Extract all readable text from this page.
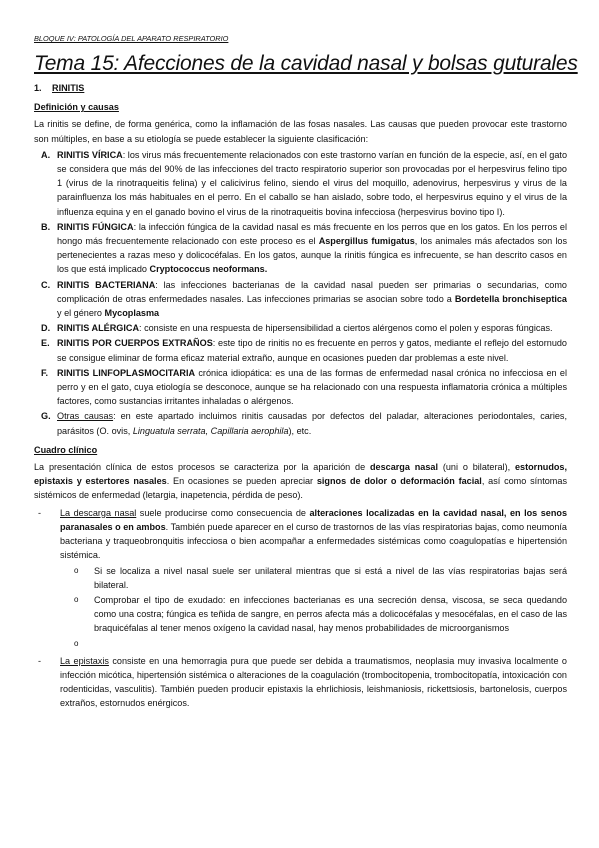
BLOQUE IV: PATOLOGÍA DEL APARATO RESPIRATORIO
Tema 15: Afecciones de la cavidad nasal y bolsas guturales
1.	RINITIS
Definición y causas

La rinitis se define, de forma genérica, como la inflamación de las fosas nasales. Las causas que pueden provocar este trastorno son múltiples, en base a su etiología se puede establecer la siguiente clasificación:

A. RINITIS VÍRICA: los virus más frecuentemente relacionados con este trastorno varían en función de la especie, así, en el gato se considera que más del 90% de las infecciones del tracto respiratorio superior son provocadas por el herpesvirus felino tipo 1 (virus de la rinotraqueitis felina) y el calicivirus felino, siendo el virus del moquillo, adenovirus, herpesvirus y virus de la parainfluenza los más habituales en el perro. En el caballo se han aislado, sobre todo, el herpesvirus equino y el virus de la influenza equina y en el ganado bovino el virus de la rinotraqueitis bovina infecciosa (herpesvirus bovino tipo I).
B. RINITIS FÚNGICA: la infección fúngica de la cavidad nasal es más frecuente en los perros que en los gatos. En los perros el hongo más frecuentemente relacionado con este proceso es el Aspergillus fumigatus, los animales más afectados son los pertenecientes a razas meso y dolicocéfalas. En los gatos, aunque la rinitis fúngica es infrecuente, se han descrito casos en los que está implicado Cryptococcus neoformans.
C. RINITIS BACTERIANA: las infecciones bacterianas de la cavidad nasal pueden ser primarias o secundarias, como complicación de otras enfermedades nasales. Las infecciones primarias se asocian sobre todo a Bordetella bronchiseptica y el género Mycoplasma
D. RINITIS ALÉRGICA: consiste en una respuesta de hipersensibilidad a ciertos alérgenos como el polen y esporas fúngicas.
E. RINITIS POR CUERPOS EXTRAÑOS: este tipo de rinitis no es frecuente en perros y gatos, mediante el reflejo del estornudo se consigue eliminar de forma eficaz material extraño, aunque en ocasiones pueden dar problemas a este nivel.
F. RINITIS LINFOPLASMOCITARIA crónica idiopática: es una de las formas de enfermedad nasal crónica no infecciosa en el perro y en el gato, cuya etiología se desconoce, aunque se ha relacionado con una respuesta inflamatoria crónica a múltiples factores, como sustancias irritantes inhaladas o alérgenos.
G. Otras causas: en este apartado incluimos rinitis causadas por defectos del paladar, alteraciones periodontales, caries, parásitos (O. ovis, Linguatula serrata, Capillaria aerophila), etc.
Cuadro clínico

La presentación clínica de estos procesos se caracteriza por la aparición de descarga nasal (uni o bilateral), estornudos, epistaxis y estertores nasales. En ocasiones se pueden apreciar signos de dolor o deformación facial, así como síntomas sistémicos de enfermedad (letargia, inapetencia, pérdida de peso).

-	La descarga nasal suele producirse como consecuencia de alteraciones localizadas en la cavidad nasal, en los senos paranasales o en ambos. También puede aparecer en el curso de trastornos de las vías respiratorias bajas, como neumonía bacteriana y traqueobronquitis infecciosa o bien acompañar a enfermedades sistémicas como coagulopatías e hipertensión sistémica.

o	Si se localiza a nivel nasal suele ser unilateral mientras que si está a nivel de las vías respiratorias bajas será bilateral.
o	Comprobar el tipo de exudado: en infecciones bacterianas es una secreción densa, viscosa, se seca quedando como una costra; fúngica es teñida de sangre, en perros afecta más a dolicocéfalas y mesocéfalas, en el caso de las braquicéfalas al tener menos oxígeno la cavidad nasal, hay menos probabilidades de microorganismos
o
-	La epistaxis consiste en una hemorragia pura que puede ser debida a traumatismos, neoplasia muy invasiva localmente o infección micótica, hipertensión sistémica o alteraciones de la coagulación (trombocitopenia, trombocitopatía, intoxicación con rodenticidas, vasculitis). También pueden producir epistaxis la ehrlichiosis, leishmaniosis, rickettsiosis, bartonelosis, cuerpos extraños, estornudos enérgicos.
